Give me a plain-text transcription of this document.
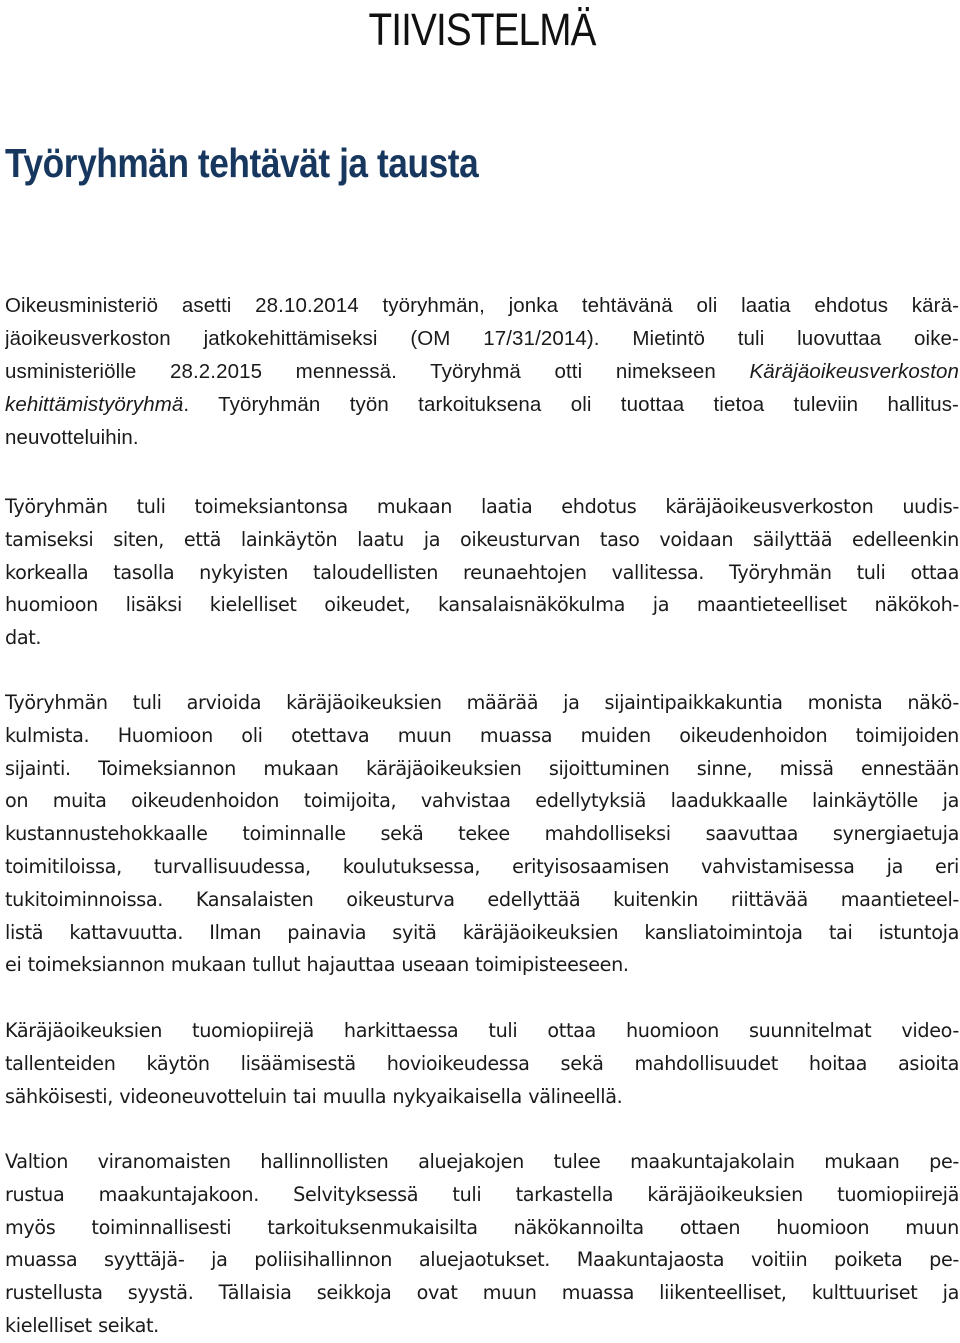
TIIVISTELMÄ
Työryhmän tehtävät ja tausta
Oikeusministeriö asetti 28.10.2014 työryhmän, jonka tehtävänä oli laatia ehdotus kärä-
jäoikeusverkoston jatkokehittämiseksi (OM 17/31/2014). Mietintö tuli luovuttaa oike-
usministeriölle 28.2.2015 mennessä. Työryhmä otti nimekseen Käräjäoikeusverkoston
kehittämistyöryhmä. Työryhmän työn tarkoituksena oli tuottaa tietoa tuleviin hallitus-
neuvotteluihin.
Työryhmän tuli toimeksiantonsa mukaan laatia ehdotus käräjäoikeusverkoston uudis-
tamiseksi siten, että lainkäytön laatu ja oikeusturvan taso voidaan säilyttää edelleenkin
korkealla tasolla nykyisten taloudellisten reunaehtojen vallitessa. Työryhmän tuli ottaa
huomioon lisäksi kielelliset oikeudet, kansalaisnäkökulma ja maantieteelliset näkökoh-
dat.
Työryhmän tuli arvioida käräjäoikeuksien määrää ja sijaintipaikkakuntia monista näkö-
kulmista. Huomioon oli otettava muun muassa muiden oikeudenhoidon toimijoiden
sijainti. Toimeksiannon mukaan käräjäoikeuksien sijoittuminen sinne, missä ennestään
on muita oikeudenhoidon toimijoita, vahvistaa edellytyksiä laadukkaalle lainkäytölle ja
kustannustehokkaalle toiminnalle sekä tekee mahdolliseksi saavuttaa synergiaetuja
toimitiloissa, turvallisuudessa, koulutuksessa, erityisosaamisen vahvistamisessa ja eri
tukitoiminnoissa. Kansalaisten oikeusturva edellyttää kuitenkin riittävää maantieteel-
listä kattavuutta. Ilman painavia syitä käräjäoikeuksien kansliatoimintoja tai istuntoja
ei toimeksiannon mukaan tullut hajauttaa useaan toimipisteeseen.
Käräjäoikeuksien tuomiopiirejä harkittaessa tuli ottaa huomioon suunnitelmat video-
tallenteiden käytön lisäämisestä hovioikeudessa sekä mahdollisuudet hoitaa asioita
sähköisesti, videoneuvotteluin tai muulla nykyaikaisella välineellä.
Valtion viranomaisten hallinnollisten aluejakojen tulee maakuntajakolain mukaan pe-
rustua maakuntajakoon. Selvityksessä tuli tarkastella käräjäoikeuksien tuomiopiirejä
myös toiminnallisesti tarkoituksenmukaisilta näkökannoilta ottaen huomioon muun
muassa syyttäjä- ja poliisihallinnon aluejaotukset. Maakuntajaosta voitiin poiketa pe-
rustellusta syystä. Tällaisia seikkoja ovat muun muassa liikenteelliset, kulttuuriset ja
kielelliset seikat.
